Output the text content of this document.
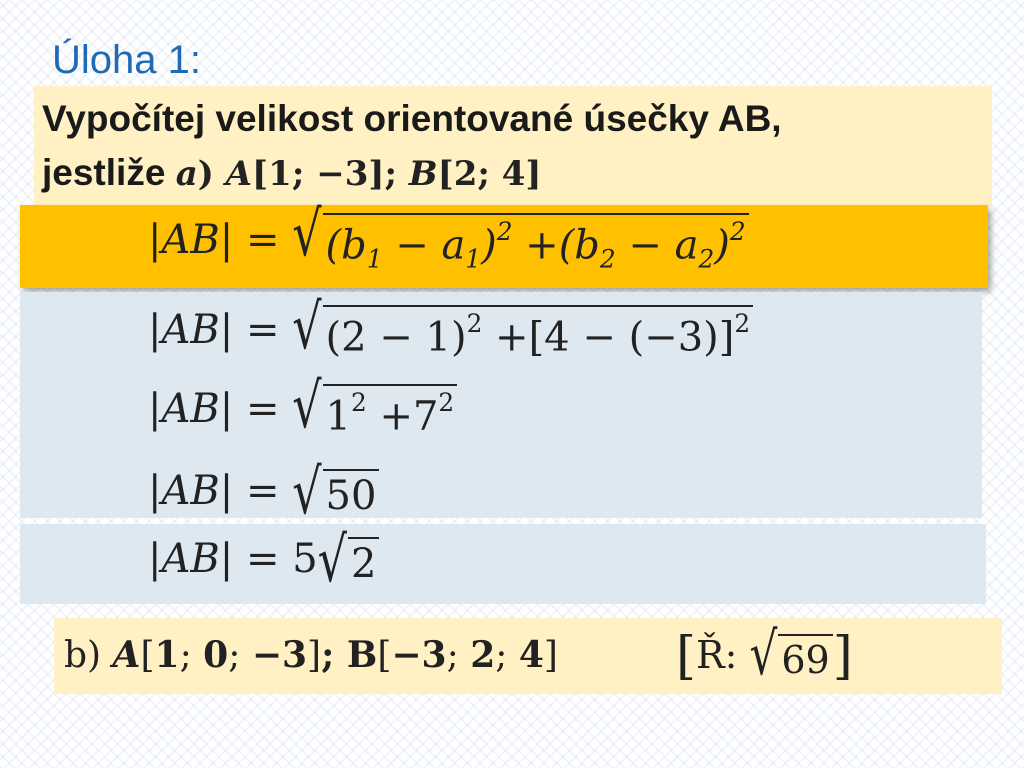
Úloha 1:
Vypočítej velikost orientované úsečky AB,
jestliže a) A[1; −3]; B[2; 4]
|AB| = √ $(b_1 - a_1)^2 +(b_2 - a_2)^2$
|AB| = √ $(2 - 1)^2 +[4 - (-3)]^2$
|AB| = √ $1^2 +7^2$
|AB| = √ 50
|AB| = 5 √ 2
b) A[1; 0; −3]; B[−3; 2; 4] [Ř: √ 69 ]
